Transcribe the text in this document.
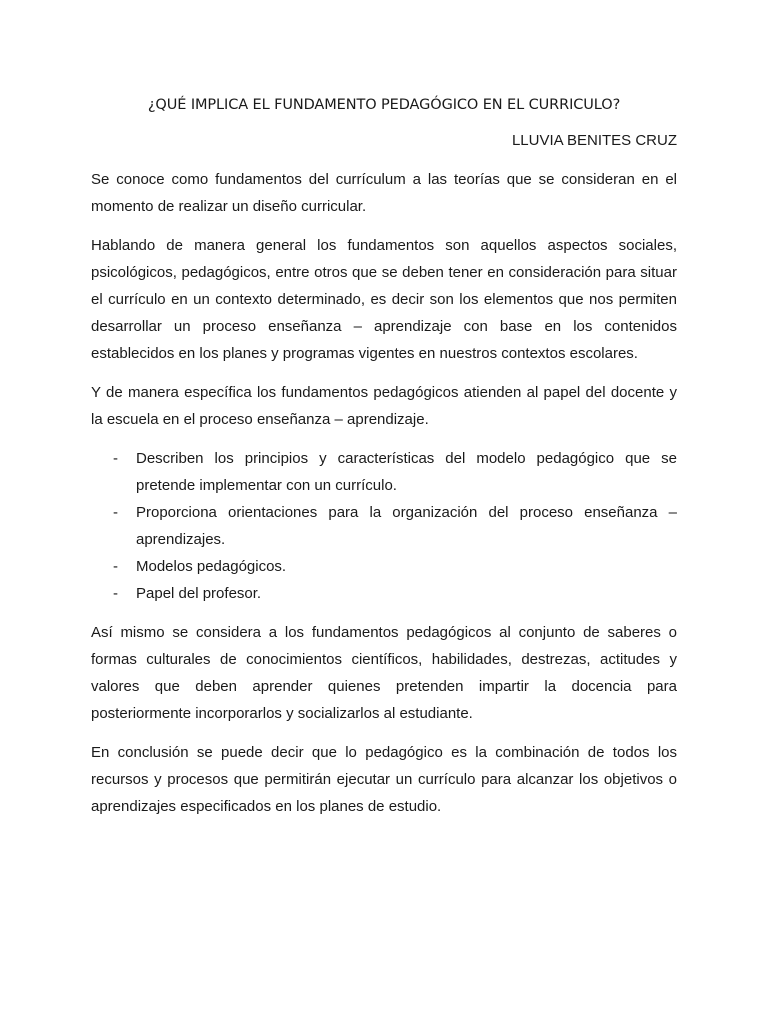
¿QUÉ IMPLICA EL FUNDAMENTO PEDAGÓGICO EN EL CURRICULO?
LLUVIA BENITES CRUZ

Se conoce como fundamentos del currículum a las teorías que se consideran en el momento de realizar un diseño curricular.

Hablando de manera general los fundamentos son aquellos aspectos sociales, psicológicos, pedagógicos, entre otros que se deben tener en consideración para situar el currículo en un contexto determinado, es decir son los elementos que nos permiten desarrollar un proceso enseñanza – aprendizaje con base en los contenidos establecidos en los planes y programas vigentes en nuestros contextos escolares.

Y de manera específica los fundamentos pedagógicos atienden al papel del docente y la escuela en el proceso enseñanza – aprendizaje.

- Describen los principios y características del modelo pedagógico que se pretende implementar con un currículo.
- Proporciona orientaciones para la organización del proceso enseñanza – aprendizajes.
- Modelos pedagógicos.
- Papel del profesor.

Así mismo se considera a los fundamentos pedagógicos al conjunto de saberes o formas culturales de conocimientos científicos, habilidades, destrezas, actitudes y valores que deben aprender quienes pretenden impartir la docencia para posteriormente incorporarlos y socializarlos al estudiante.

En conclusión se puede decir que lo pedagógico es la combinación de todos los recursos y procesos que permitirán ejecutar un currículo para alcanzar los objetivos o aprendizajes especificados en los planes de estudio.
